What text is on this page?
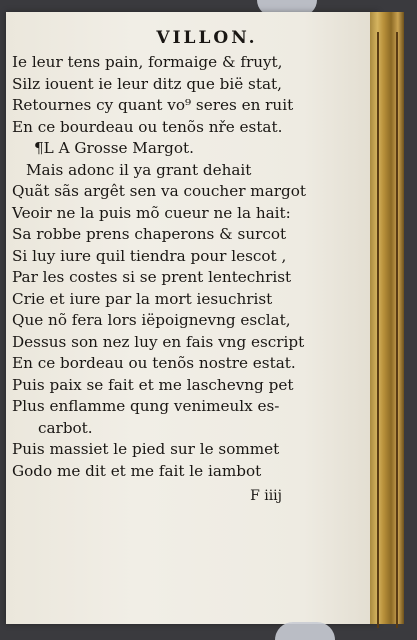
VILLON.
Ie leur tens pain, formaige & fruyt,
Silz iouent ie leur ditz que bië stat,
Retournes cy quant vo⁹ seres en ruit
En ce bourdeau ou tenõs nře estat.
¶L A Grosse Margot.
Mais adonc il ya grant dehait
Quãt sãs argêt sen va coucher margot
Veoir ne la puis mõ cueur ne la hait:
Sa robbe prens chaperons & surcot
Si luy iure quil tiendra pour lescot ,
Par les costes si se prent lentechrist
Crie et iure par la mort iesuchrist
Que nõ fera lors iëpoignevng esclat,
Dessus son nez luy en fais vng escript
En ce bordeau ou tenõs nostre estat.
Puis paix se fait et me laschevng pet
Plus enflamme qung venimeulx es-
carbot.
Puis massiet le pied sur le sommet
Godo me dit et me fait le iambot
F iiij
